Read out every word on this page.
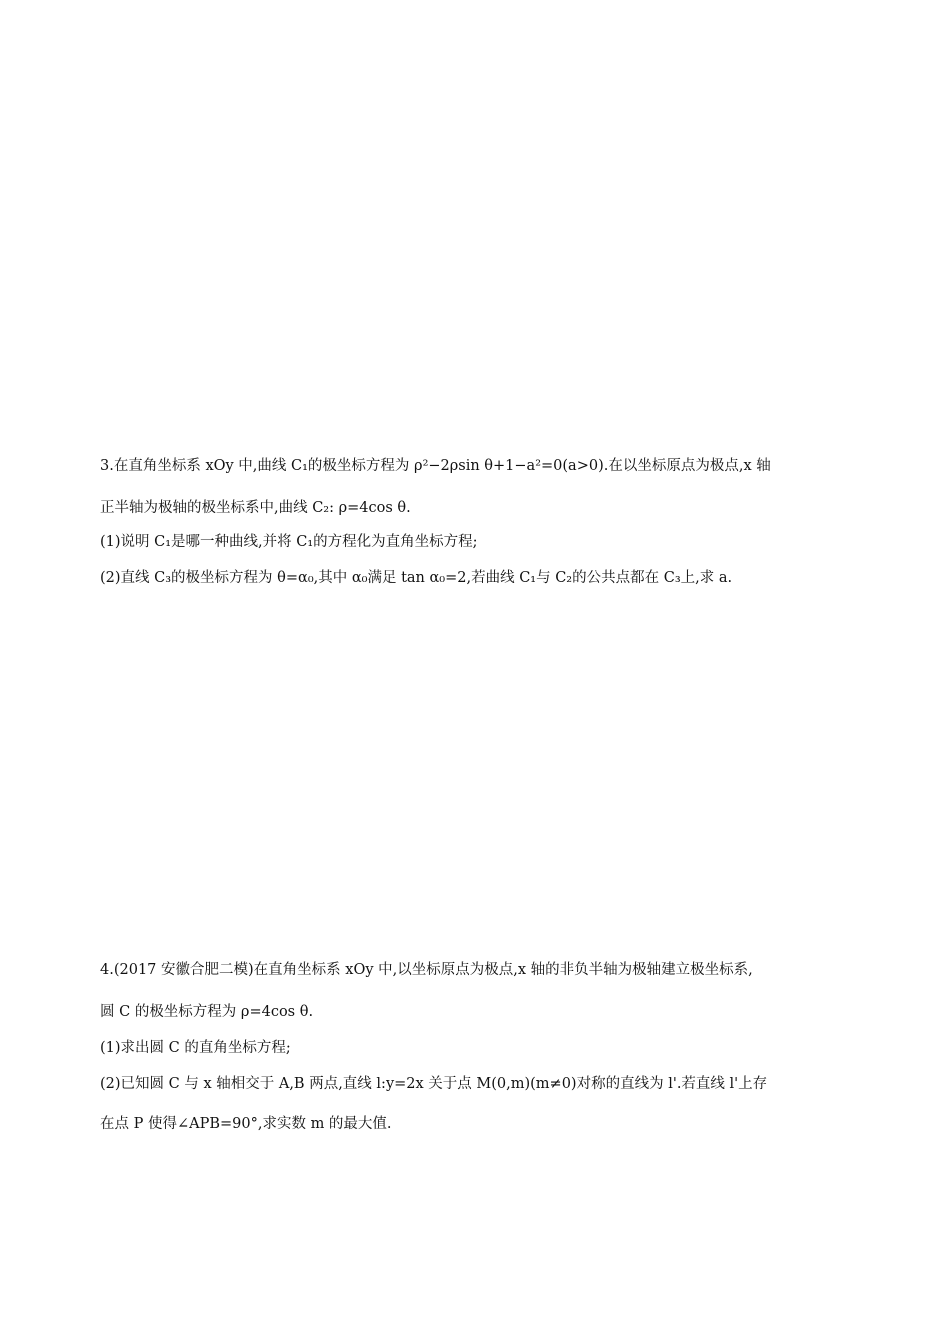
3.在直角坐标系 xOy 中,曲线 C₁的极坐标方程为 ρ²−2ρsin θ+1−a²=0(a>0).在以坐标原点为极点,x 轴
正半轴为极轴的极坐标系中,曲线 C₂: ρ=4cos θ.
(1)说明 C₁是哪一种曲线,并将 C₁的方程化为直角坐标方程;
(2)直线 C₃的极坐标方程为 θ=α₀,其中 α₀满足 tan α₀=2,若曲线 C₁与 C₂的公共点都在 C₃上,求 a.
4.(2017 安徽合肥二模)在直角坐标系 xOy 中,以坐标原点为极点,x 轴的非负半轴为极轴建立极坐标系,
圆 C 的极坐标方程为 ρ=4cos θ.
(1)求出圆 C 的直角坐标方程;
(2)已知圆 C 与 x 轴相交于 A,B 两点,直线 l:y=2x 关于点 M(0,m)(m≠0)对称的直线为 l'.若直线 l'上存
在点 P 使得∠APB=90°,求实数 m 的最大值.
